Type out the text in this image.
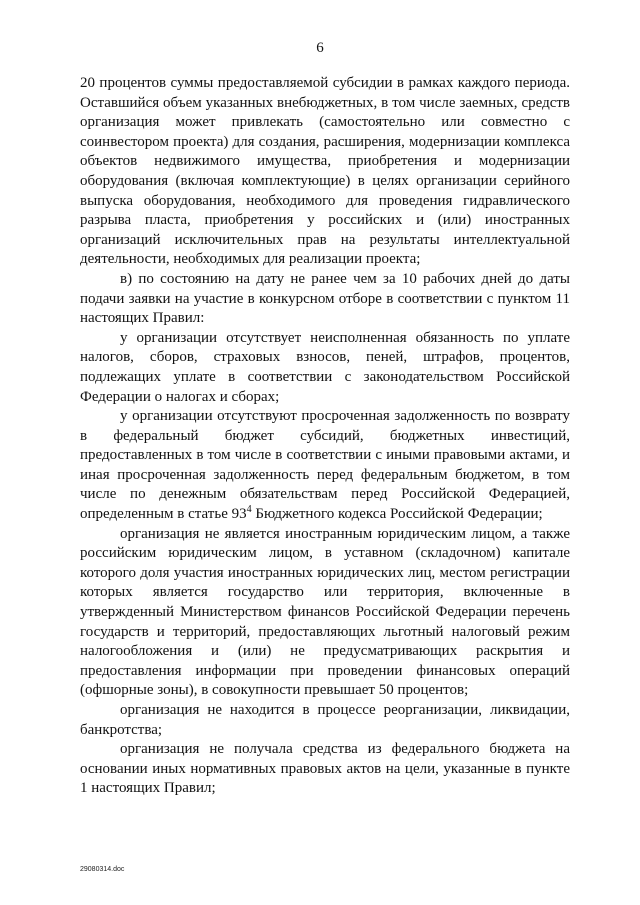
6

20 процентов суммы предоставляемой субсидии в рамках каждого периода. Оставшийся объем указанных внебюджетных, в том числе заемных, средств организация может привлекать (самостоятельно или совместно с соинвестором проекта) для создания, расширения, модернизации комплекса объектов недвижимого имущества, приобретения и модернизации оборудования (включая комплектующие) в целях организации серийного выпуска оборудования, необходимого для проведения гидравлического разрыва пласта, приобретения у российских и (или) иностранных организаций исключительных прав на результаты интеллектуальной деятельности, необходимых для реализации проекта;

в) по состоянию на дату не ранее чем за 10 рабочих дней до даты подачи заявки на участие в конкурсном отборе в соответствии с пунктом 11 настоящих Правил:

у организации отсутствует неисполненная обязанность по уплате налогов, сборов, страховых взносов, пеней, штрафов, процентов, подлежащих уплате в соответствии с законодательством Российской Федерации о налогах и сборах;

у организации отсутствуют просроченная задолженность по возврату в федеральный бюджет субсидий, бюджетных инвестиций, предоставленных в том числе в соответствии с иными правовыми актами, и иная просроченная задолженность перед федеральным бюджетом, в том числе по денежным обязательствам перед Российской Федерацией, определенным в статье $93^4$ Бюджетного кодекса Российской Федерации;

организация не является иностранным юридическим лицом, а также российским юридическим лицом, в уставном (складочном) капитале которого доля участия иностранных юридических лиц, местом регистрации которых является государство или территория, включенные в утвержденный Министерством финансов Российской Федерации перечень государств и территорий, предоставляющих льготный налоговый режим налогообложения и (или) не предусматривающих раскрытия и предоставления информации при проведении финансовых операций (офшорные зоны), в совокупности превышает 50 процентов;

организация не находится в процессе реорганизации, ликвидации, банкротства;

организация не получала средства из федерального бюджета на основании иных нормативных правовых актов на цели, указанные в пункте 1 настоящих Правил;

29080314.doc
